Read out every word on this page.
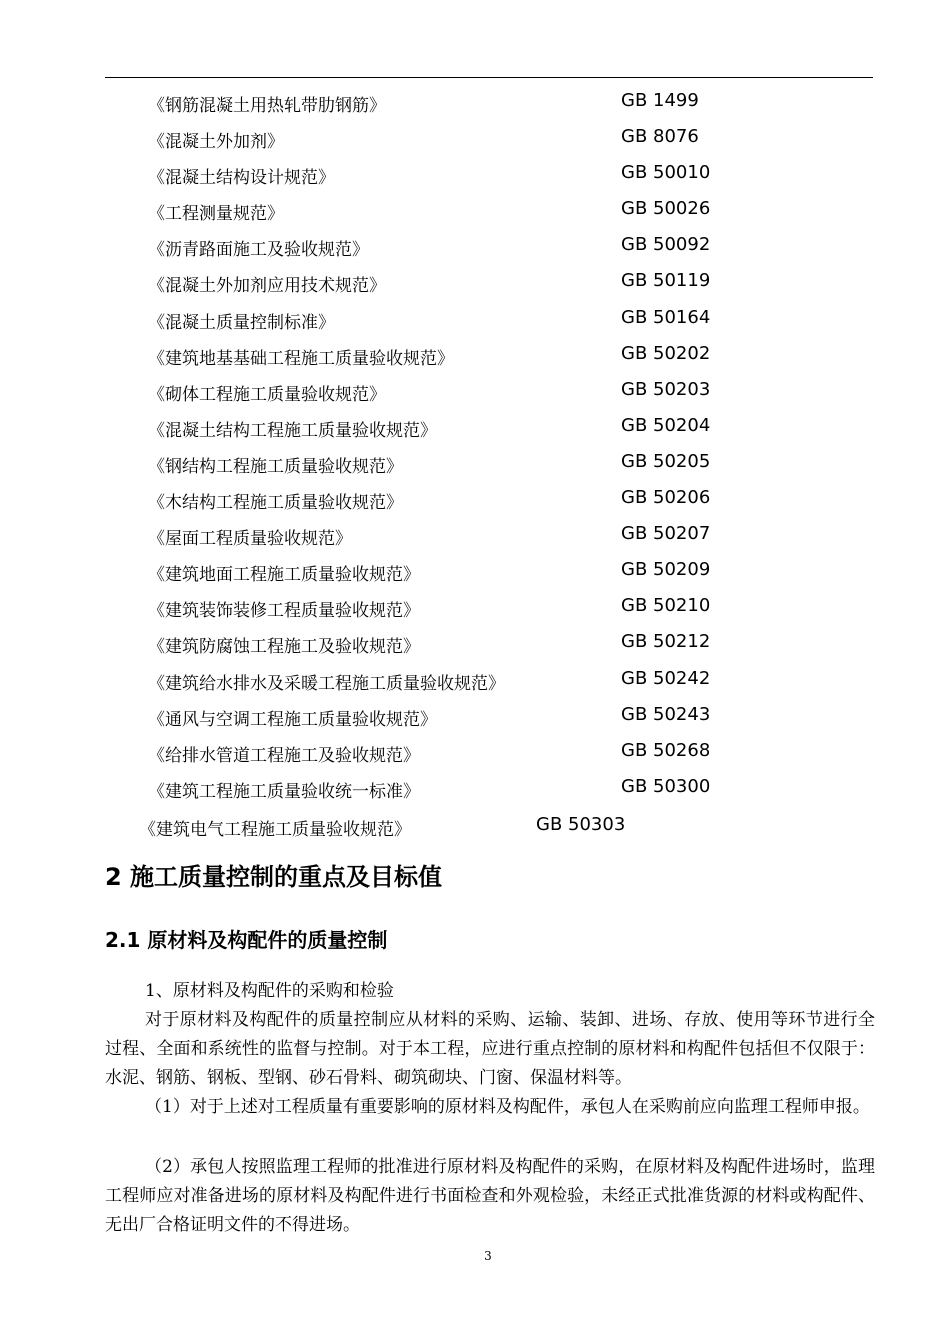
《钢筋混凝土用热轧带肋钢筋》	GB 1499
《混凝土外加剂》	GB 8076
《混凝土结构设计规范》	GB 50010
《工程测量规范》	GB 50026
《沥青路面施工及验收规范》	GB 50092
《混凝土外加剂应用技术规范》	GB 50119
《混凝土质量控制标准》	GB 50164
《建筑地基基础工程施工质量验收规范》	GB 50202
《砌体工程施工质量验收规范》	GB 50203
《混凝土结构工程施工质量验收规范》	GB 50204
《钢结构工程施工质量验收规范》	GB 50205
《木结构工程施工质量验收规范》	GB 50206
《屋面工程质量验收规范》	GB 50207
《建筑地面工程施工质量验收规范》	GB 50209
《建筑装饰装修工程质量验收规范》	GB 50210
《建筑防腐蚀工程施工及验收规范》	GB 50212
《建筑给水排水及采暖工程施工质量验收规范》	GB 50242
《通风与空调工程施工质量验收规范》	GB 50243
《给排水管道工程施工及验收规范》	GB 50268
《建筑工程施工质量验收统一标准》	GB 50300
《建筑电气工程施工质量验收规范》	GB 50303
2 施工质量控制的重点及目标值
2.1 原材料及构配件的质量控制
1、原材料及构配件的采购和检验

对于原材料及构配件的质量控制应从材料的采购、运输、装卸、进场、存放、使用等环节进行全过程、全面和系统性的监督与控制。对于本工程，应进行重点控制的原材料和构配件包括但不仅限于：水泥、钢筋、钢板、型钢、砂石骨料、砌筑砌块、门窗、保温材料等。

（1）对于上述对工程质量有重要影响的原材料及构配件，承包人在采购前应向监理工程师申报。

（2）承包人按照监理工程师的批准进行原材料及构配件的采购，在原材料及构配件进场时，监理工程师应对准备进场的原材料及构配件进行书面检查和外观检验，未经正式批准货源的材料或构配件、无出厂合格证明文件的不得进场。

3
